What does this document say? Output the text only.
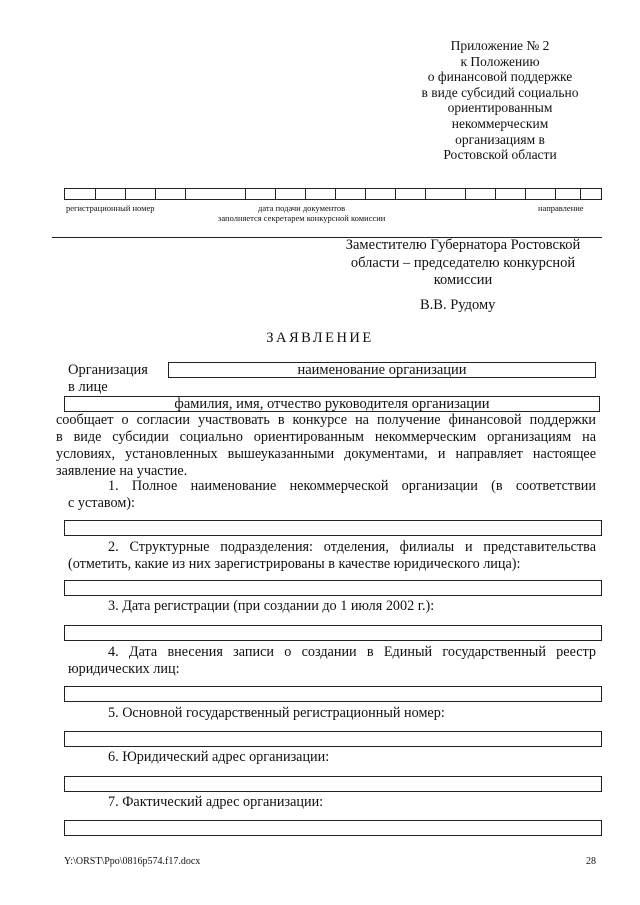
Приложение № 2
к Положению
о финансовой поддержке
в виде субсидий социально
ориентированным
некоммерческим
организациям в
Ростовской области
регистрационный номер	дата подачи документов	направление
заполняется секретарем конкурсной комиссии
Заместителю Губернатора Ростовской
области – председателю конкурсной
комиссии
В.В. Рудому
ЗАЯВЛЕНИЕ
Организация	наименование организации
в лице
фамилия, имя, отчество руководителя организации
сообщает о согласии участвовать в конкурсе на получение финансовой поддержки
в виде субсидии социально ориентированным некоммерческим организациям на
условиях, установленных вышеуказанными документами, и направляет настоящее
заявление на участие.
1. Полное наименование некоммерческой организации (в соответствии
с уставом):
2. Структурные подразделения: отделения, филиалы и представительства
(отметить, какие из них зарегистрированы в качестве юридического лица):
3. Дата регистрации (при создании до 1 июля 2002 г.):
4. Дата внесения записи о создании в Единый государственный реестр
юридических лиц:
5. Основной государственный регистрационный номер:
6. Юридический адрес организации:
7. Фактический адрес организации:
Y:\ORST\Ppo\0816p574.f17.docx	28
